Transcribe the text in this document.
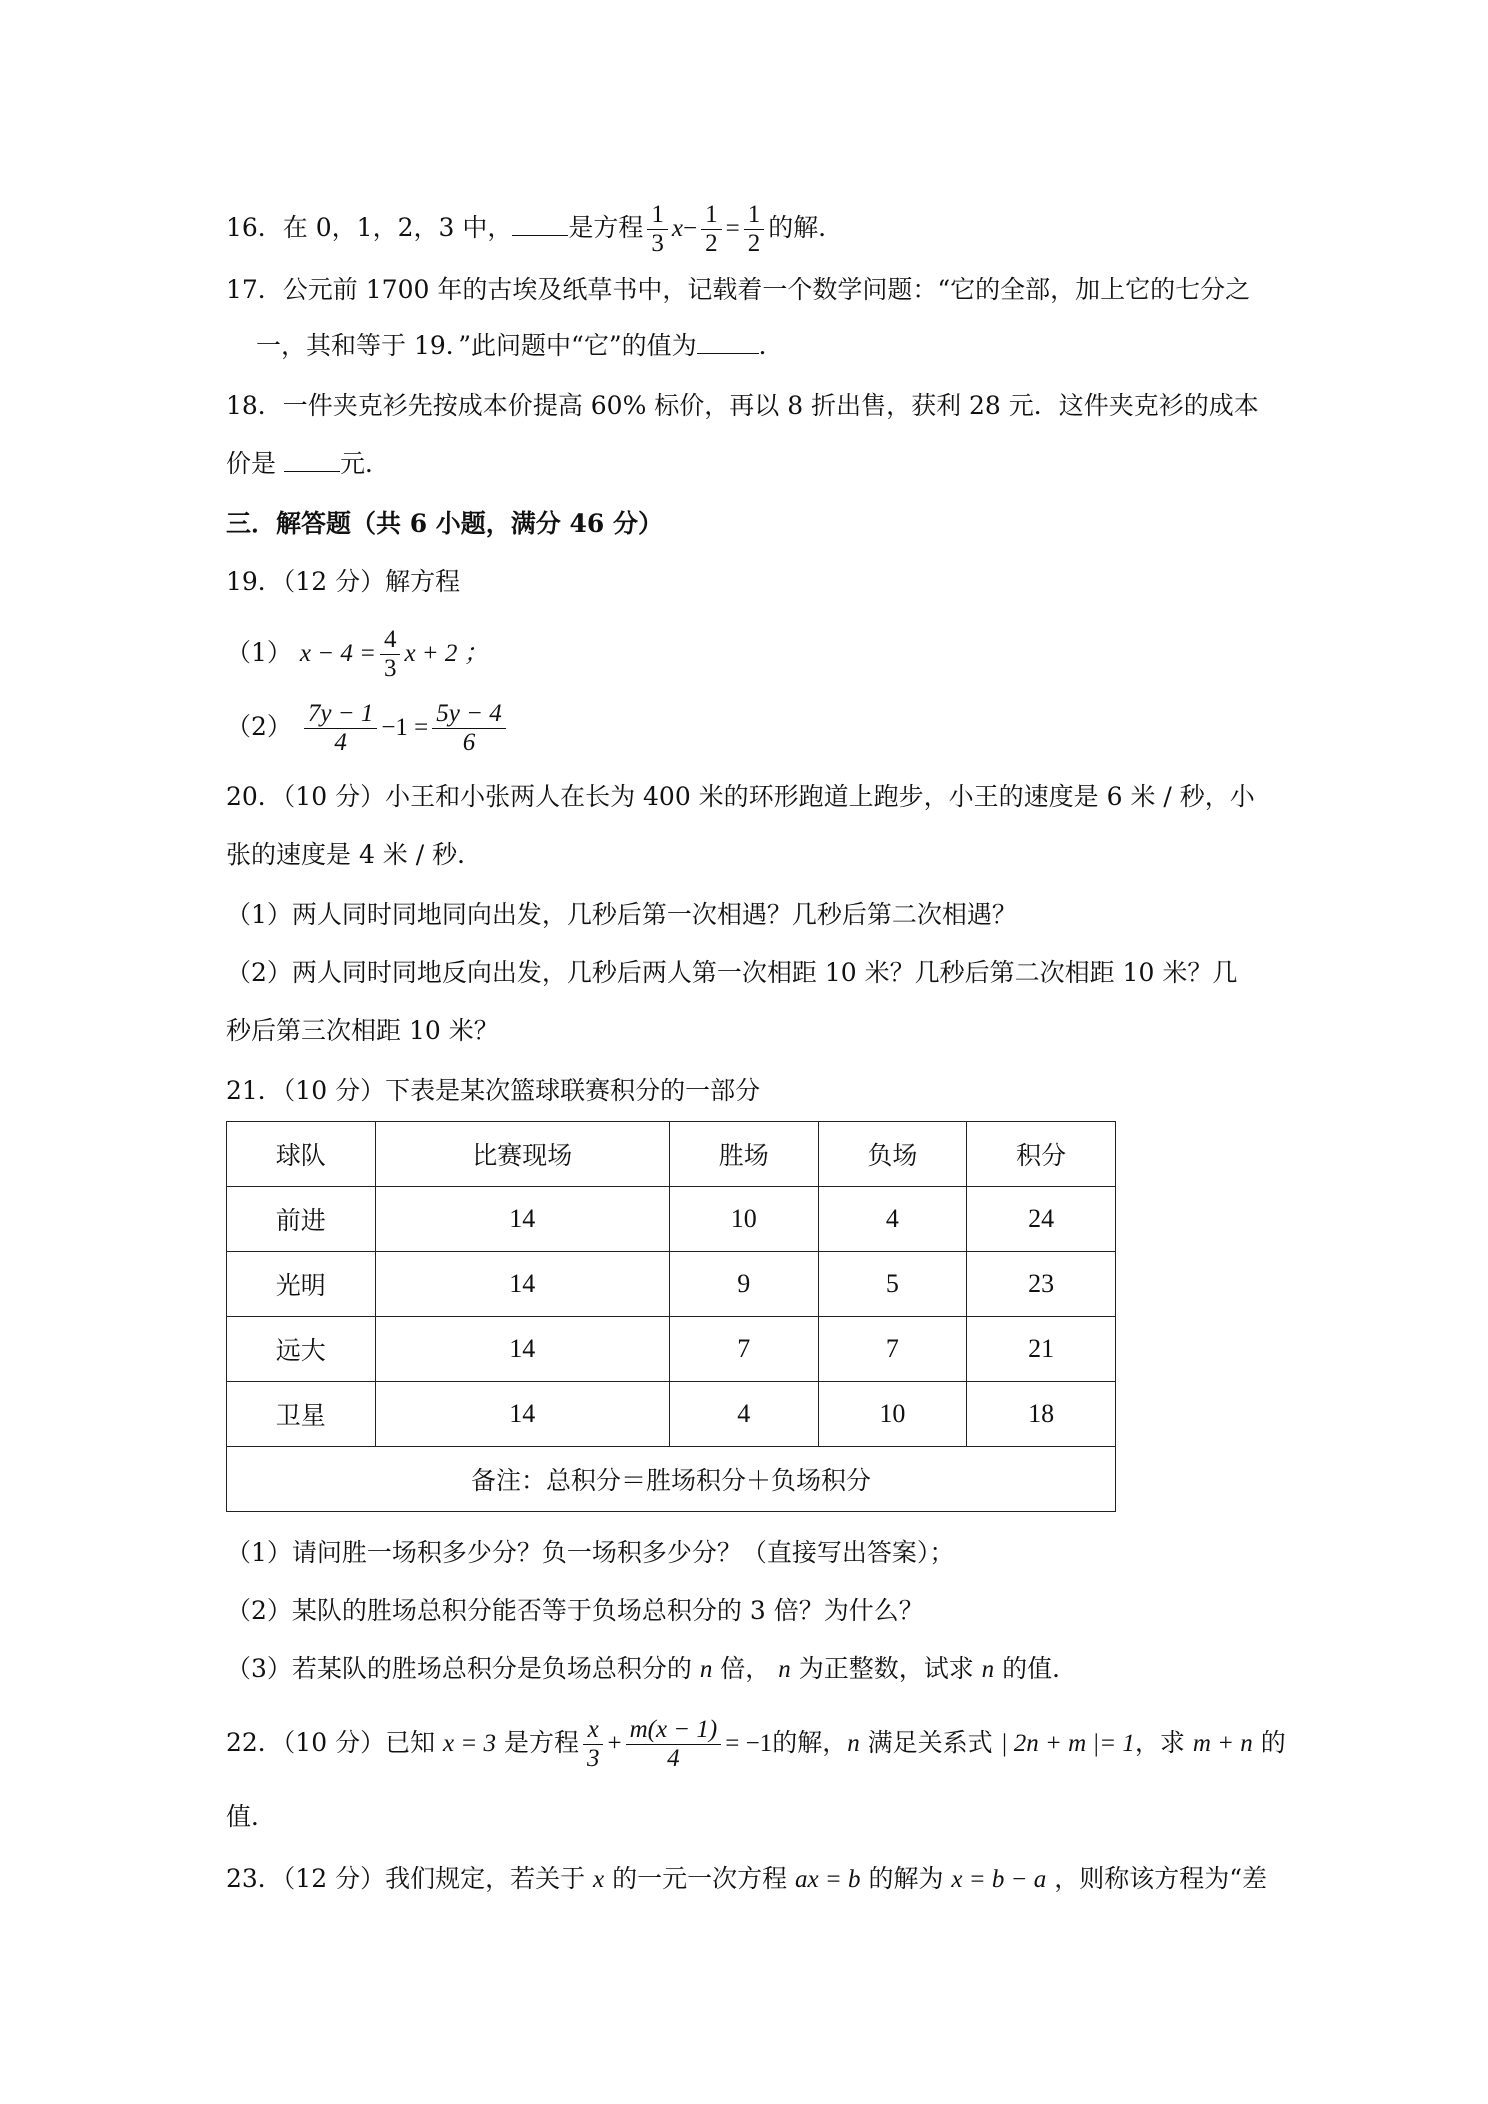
16．在 0，1，2，3 中， 是方程 $\frac{1}{3} x- \frac{1}{2} = \frac{1}{2}$ 的解．
17．公元前 1700 年的古埃及纸草书中，记载着一个数学问题：“它的全部，加上它的七分之
一，其和等于 19．”此问题中“它”的值为 ．
18．一件夹克衫先按成本价提高 60% 标价，再以 8 折出售，获利 28 元．这件夹克衫的成本
价是 元．
三．解答题（共 6 小题，满分 46 分）
19．（12 分）解方程
（1） $x - 4 = \frac{4}{3}$ x + 2 ；
$(2) \frac{7y - 1}{4} -1 = \frac{5y - 4}{6}$
20．（10 分）小王和小张两人在长为 400 米的环形跑道上跑步，小王的速度是 6 米 / 秒，小
张的速度是 4 米 / 秒．
（1）两人同时同地同向出发，几秒后第一次相遇？几秒后第二次相遇？
（2）两人同时同地反向出发，几秒后两人第一次相距 10 米？几秒后第二次相距 10 米？几
秒后第三次相距 10 米？
21．（10 分）下表是某次篮球联赛积分的一部分
球队	比赛现场	胜场	负场	积分
前进	14	10	4	24
光明	14	9	5	23
远大	14	7	7	21
卫星	14	4	10	18
备注：总积分＝胜场积分＋负场积分				
（1）请问胜一场积多少分？负一场积多少分？（直接写出答案）；
（2）某队的胜场总积分能否等于负场总积分的 3 倍？为什么？
（3）若某队的胜场总积分是负场总积分的 n 倍， n 为正整数，试求 n 的值．
22．（10 分）已知 x = 3 是方程 $\frac{x}{3} + \frac{m(x - 1)}{4} = -1$的解，n 满足关系式 | 2n + m |= 1，求 m + n 的
值．
23．（12 分）我们规定，若关于 x 的一元一次方程 ax = b 的解为 x = b − a ，则称该方程为“差
